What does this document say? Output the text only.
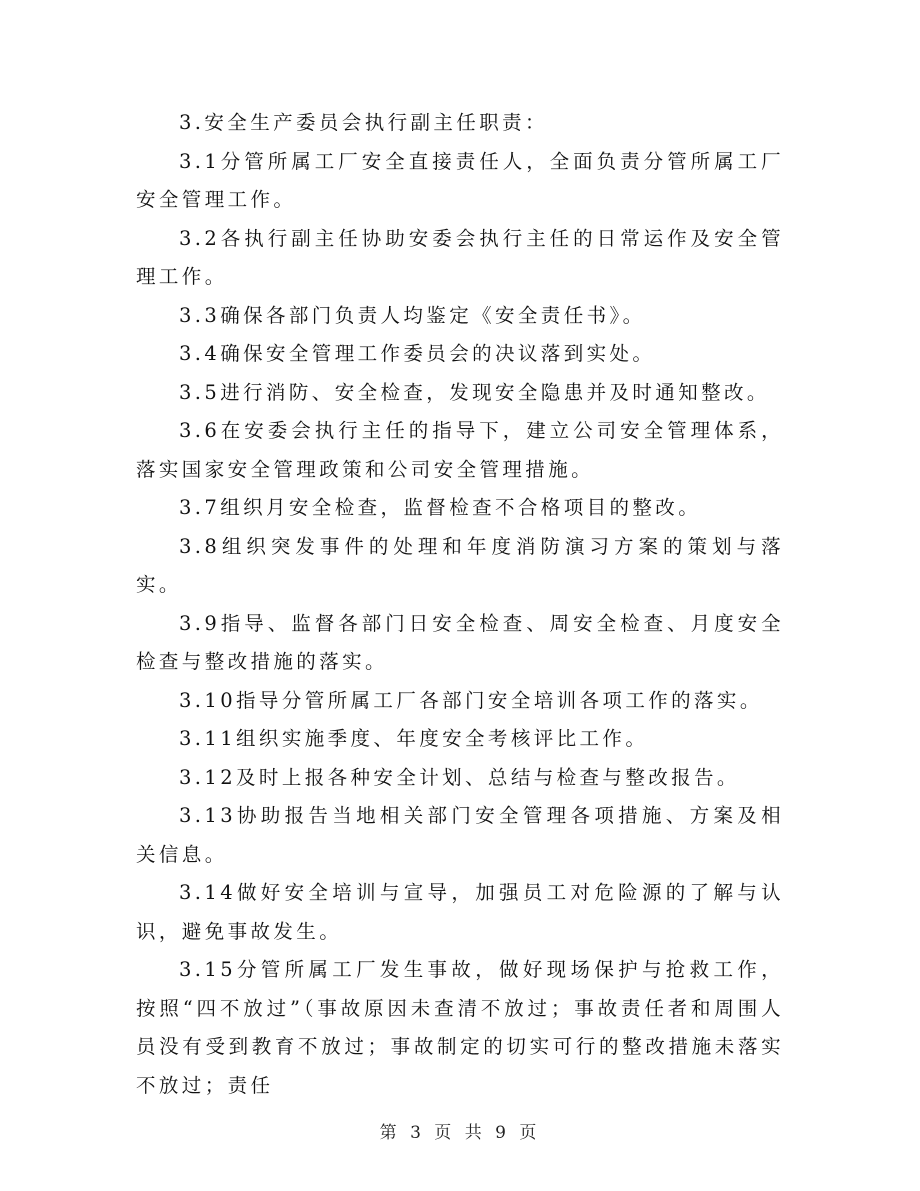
3.安全生产委员会执行副主任职责：

3.1分管所属工厂安全直接责任人，全面负责分管所属工厂安全管理工作。

3.2各执行副主任协助安委会执行主任的日常运作及安全管理工作。

3.3确保各部门负责人均鉴定《安全责任书》。

3.4确保安全管理工作委员会的决议落到实处。

3.5进行消防、安全检查，发现安全隐患并及时通知整改。

3.6在安委会执行主任的指导下，建立公司安全管理体系，落实国家安全管理政策和公司安全管理措施。

3.7组织月安全检查，监督检查不合格项目的整改。

3.8组织突发事件的处理和年度消防演习方案的策划与落实。

3.9指导、监督各部门日安全检查、周安全检查、月度安全检查与整改措施的落实。

3.10指导分管所属工厂各部门安全培训各项工作的落实。

3.11组织实施季度、年度安全考核评比工作。

3.12及时上报各种安全计划、总结与检查与整改报告。

3.13协助报告当地相关部门安全管理各项措施、方案及相关信息。

3.14做好安全培训与宣导，加强员工对危险源的了解与认识，避免事故发生。

3.15分管所属工厂发生事故，做好现场保护与抢救工作，按照“四不放过”（事故原因未查清不放过；事故责任者和周围人员没有受到教育不放过；事故制定的切实可行的整改措施未落实不放过；责任

第 3 页 共 9 页
